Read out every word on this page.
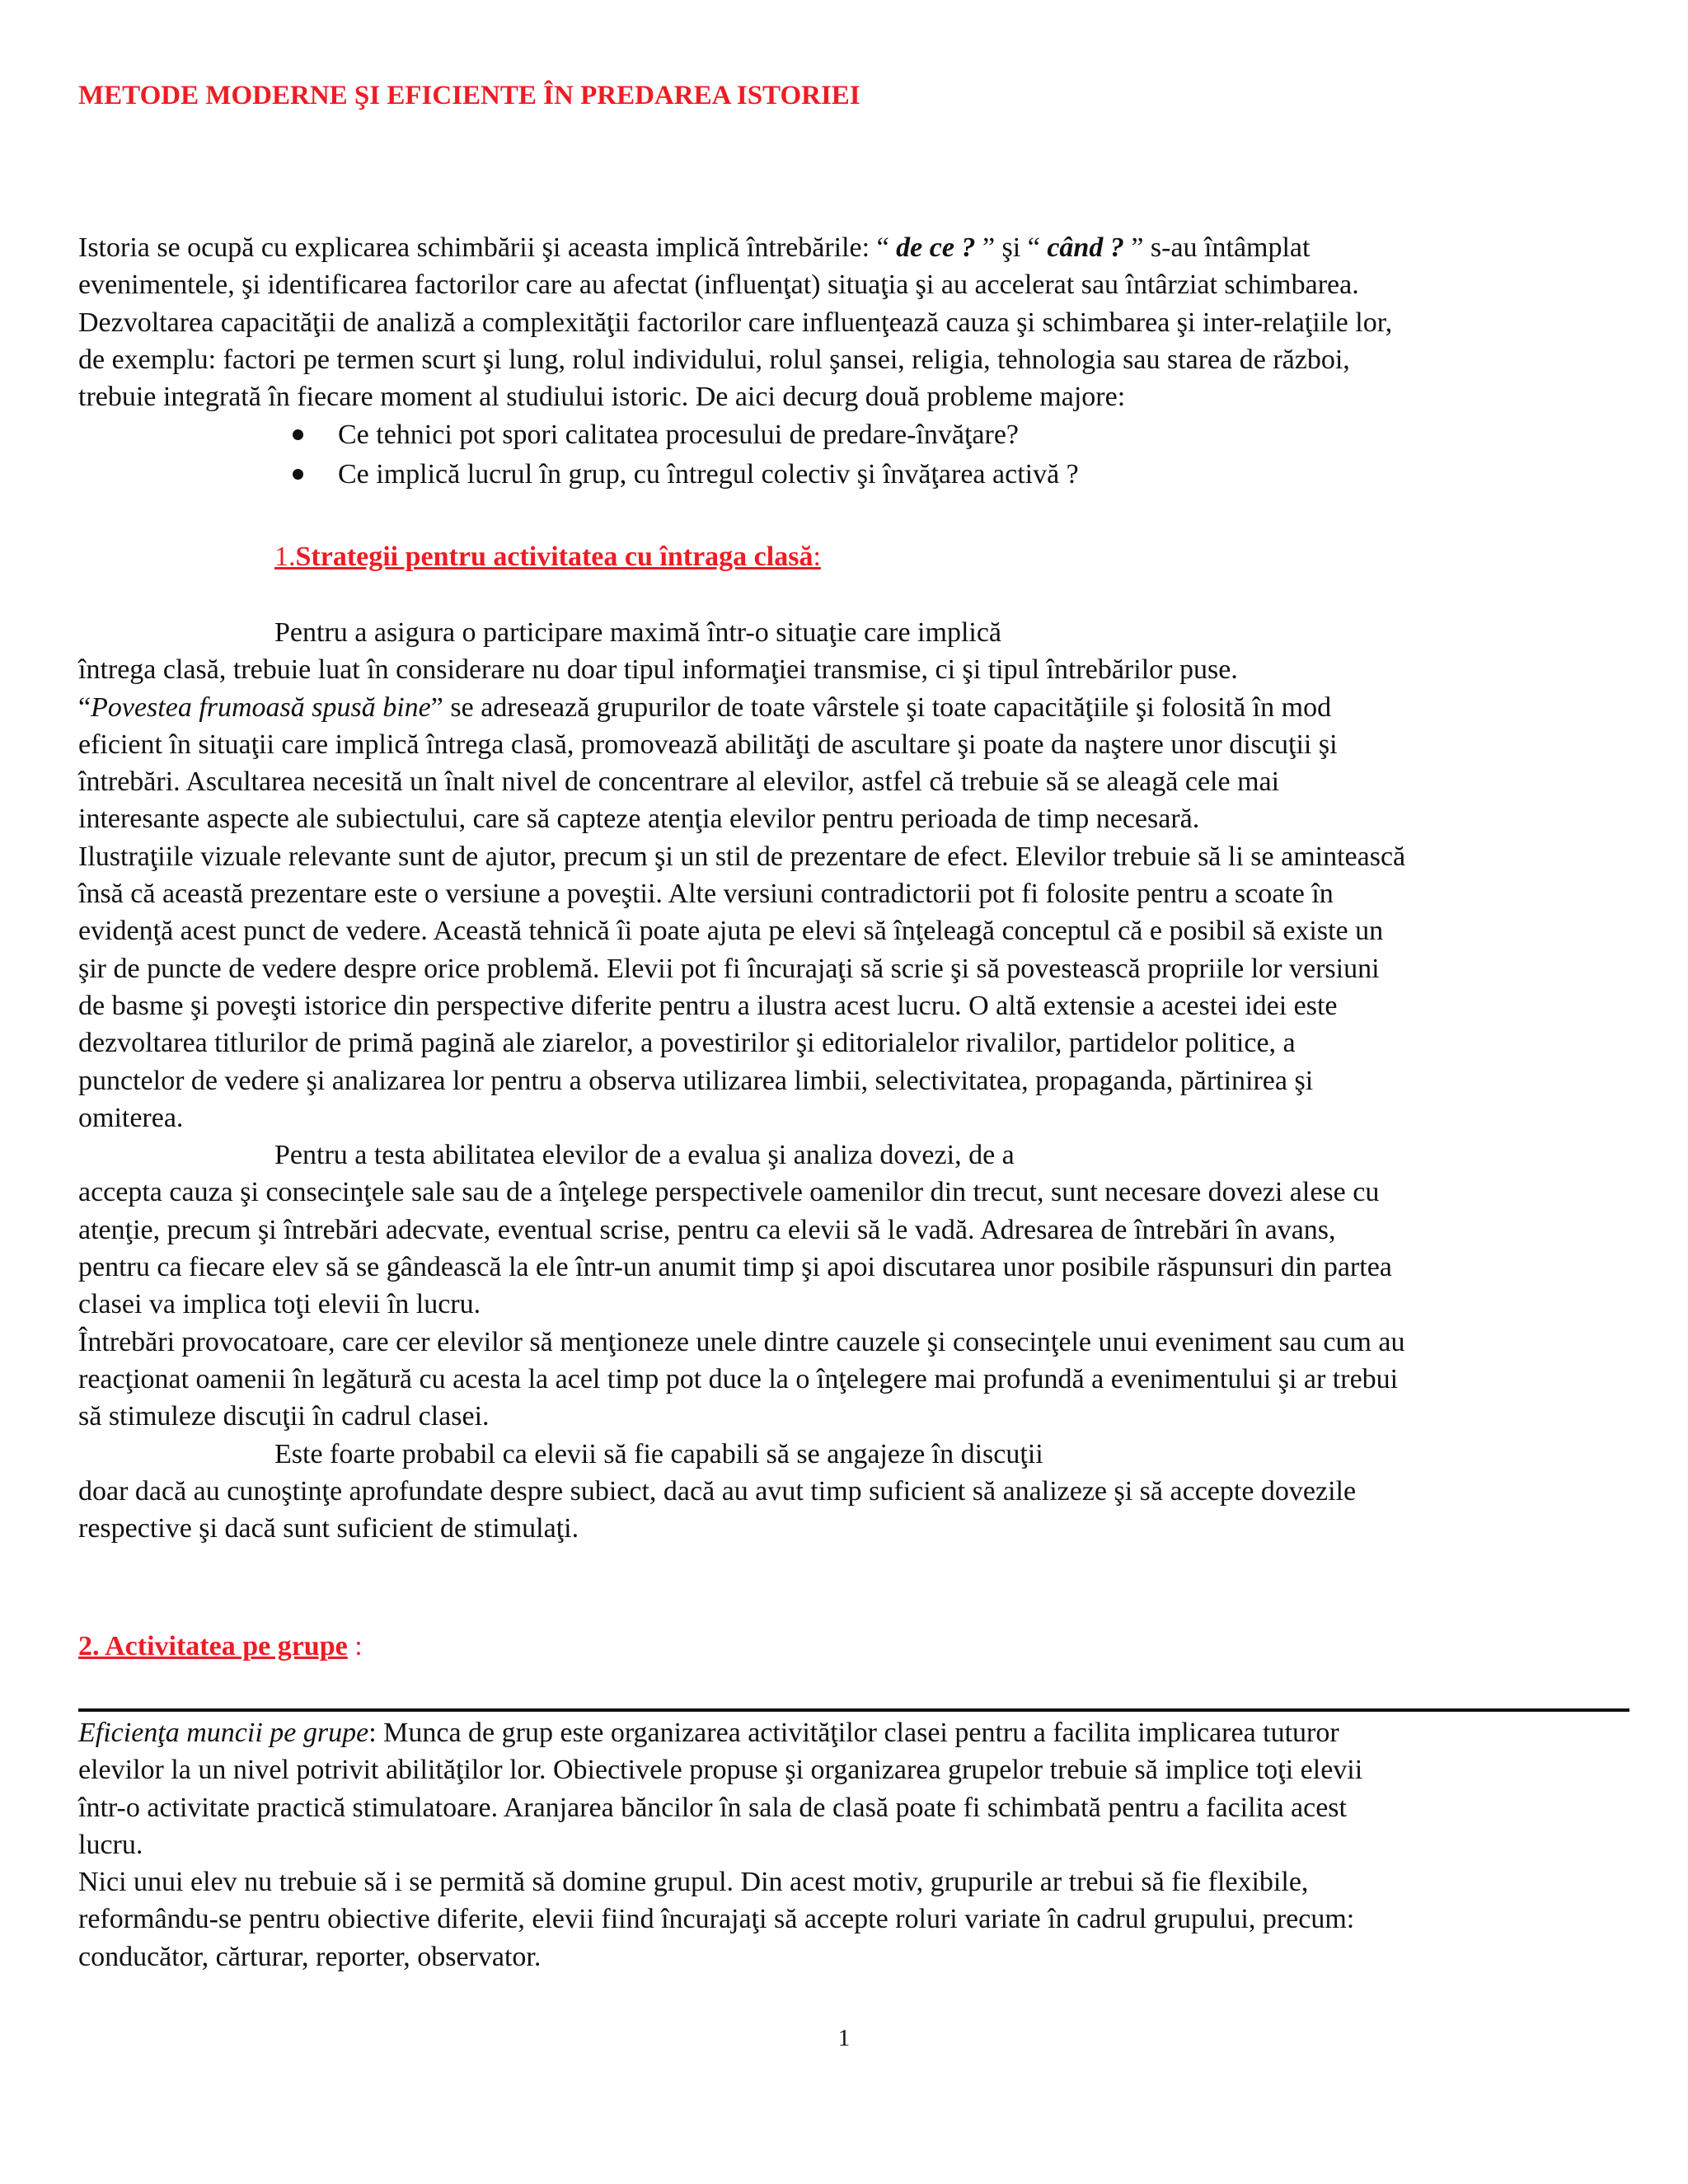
METODE MODERNE ŞI EFICIENTE ÎN PREDAREA ISTORIEI

Istoria se ocupă cu explicarea schimbării şi aceasta implică întrebările: “ de ce ? ” şi “ când ? ” s-au întâmplat
evenimentele, şi identificarea factorilor care au afectat (influenţat) situaţia şi au accelerat sau întârziat schimbarea.
Dezvoltarea capacităţii de analiză a complexităţii factorilor care influenţează cauza şi schimbarea şi inter-relaţiile lor,
de exemplu: factori pe termen scurt şi lung, rolul individului, rolul şansei, religia, tehnologia sau starea de război,
trebuie integrată în fiecare moment al studiului istoric. De aici decurg două probleme majore:

Ce tehnici pot spori calitatea procesului de predare-învăţare?
Ce implică lucrul în grup, cu întregul colectiv şi învăţarea activă ?
1.Strategii pentru activitatea cu întraga clasă:

Pentru a asigura o participare maximă într-o situaţie care implică
întrega clasă, trebuie luat în considerare nu doar tipul informaţiei transmise, ci şi tipul întrebărilor puse.
“Povestea frumoasă spusă bine” se adresează grupurilor de toate vârstele şi toate capacităţiile şi folosită în mod
eficient în situaţii care implică întrega clasă, promovează abilităţi de ascultare şi poate da naştere unor discuţii şi
întrebări. Ascultarea necesită un înalt nivel de concentrare al elevilor, astfel că trebuie să se aleagă cele mai
interesante aspecte ale subiectului, care să capteze atenţia elevilor pentru perioada de timp necesară.
Ilustraţiile vizuale relevante sunt de ajutor, precum şi un stil de prezentare de efect. Elevilor trebuie să li se amintească
însă că această prezentare este o versiune a poveştii. Alte versiuni contradictorii pot fi folosite pentru a scoate în
evidenţă acest punct de vedere. Această tehnică îi poate ajuta pe elevi să înţeleagă conceptul că e posibil să existe un
şir de puncte de vedere despre orice problemă. Elevii pot fi încurajaţi să scrie şi să povestească propriile lor versiuni
de basme şi poveşti istorice din perspective diferite pentru a ilustra acest lucru. O altă extensie a acestei idei este
dezvoltarea titlurilor de primă pagină ale ziarelor, a povestirilor şi editorialelor rivalilor, partidelor politice, a
punctelor de vedere şi analizarea lor pentru a observa utilizarea limbii, selectivitatea, propaganda, părtinirea şi
omiterea.

Pentru a testa abilitatea elevilor de a evalua şi analiza dovezi, de a
accepta cauza şi consecinţele sale sau de a înţelege perspectivele oamenilor din trecut, sunt necesare dovezi alese cu
atenţie, precum şi întrebări adecvate, eventual scrise, pentru ca elevii să le vadă. Adresarea de întrebări în avans,
pentru ca fiecare elev să se gândească la ele într-un anumit timp şi apoi discutarea unor posibile răspunsuri din partea
clasei va implica toţi elevii în lucru.
Întrebări provocatoare, care cer elevilor să menţioneze unele dintre cauzele şi consecinţele unui eveniment sau cum au
reacţionat oamenii în legătură cu acesta la acel timp pot duce la o înţelegere mai profundă a evenimentului şi ar trebui
să stimuleze discuţii în cadrul clasei.

Este foarte probabil ca elevii să fie capabili să se angajeze în discuţii
doar dacă au cunoştinţe aprofundate despre subiect, dacă au avut timp suficient să analizeze şi să accepte dovezile
respective şi dacă sunt suficient de stimulaţi.

2. Activitatea pe grupe :

Eficienţa muncii pe grupe: Munca de grup este organizarea activităţilor clasei pentru a facilita implicarea tuturor
elevilor la un nivel potrivit abilităţilor lor. Obiectivele propuse şi organizarea grupelor trebuie să implice toţi elevii
într-o activitate practică stimulatoare. Aranjarea băncilor în sala de clasă poate fi schimbată pentru a facilita acest
lucru.
Nici unui elev nu trebuie să i se permită să domine grupul. Din acest motiv, grupurile ar trebui să fie flexibile,
reformându-se pentru obiective diferite, elevii fiind încurajaţi să accepte roluri variate în cadrul grupului, precum:
conducător, cărturar, reporter, observator.

1
